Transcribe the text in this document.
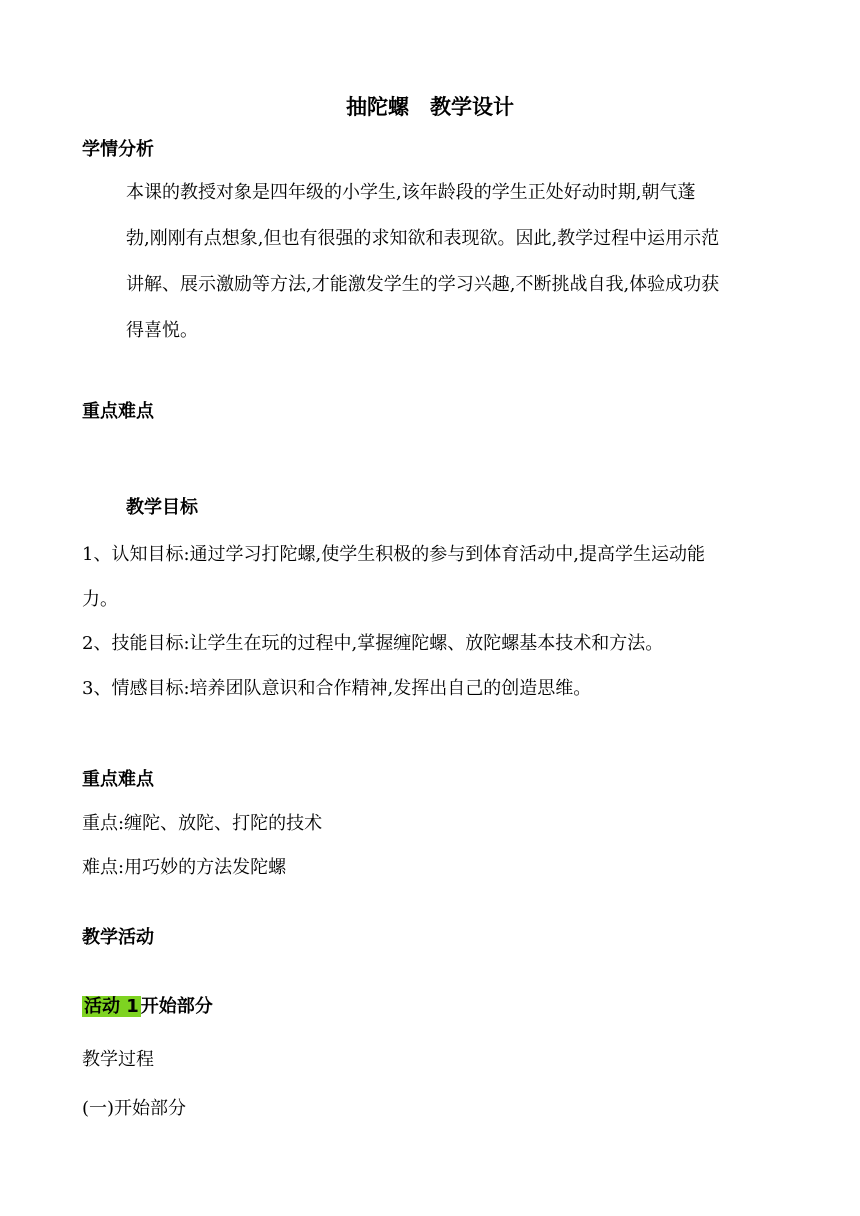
抽陀螺　教学设计
学情分析
本课的教授对象是四年级的小学生,该年龄段的学生正处好动时期,朝气蓬
勃,刚刚有点想象,但也有很强的求知欲和表现欲。因此,教学过程中运用示范
讲解、展示激励等方法,才能激发学生的学习兴趣,不断挑战自我,体验成功获
得喜悦。
重点难点
教学目标
1、认知目标:通过学习打陀螺,使学生积极的参与到体育活动中,提高学生运动能
力。
2、技能目标:让学生在玩的过程中,掌握缠陀螺、放陀螺基本技术和方法。
3、情感目标:培养团队意识和合作精神,发挥出自己的创造思维。
重点难点
重点:缠陀、放陀、打陀的技术
难点:用巧妙的方法发陀螺
教学活动
活动 1 开始部分
教学过程
(一)开始部分
